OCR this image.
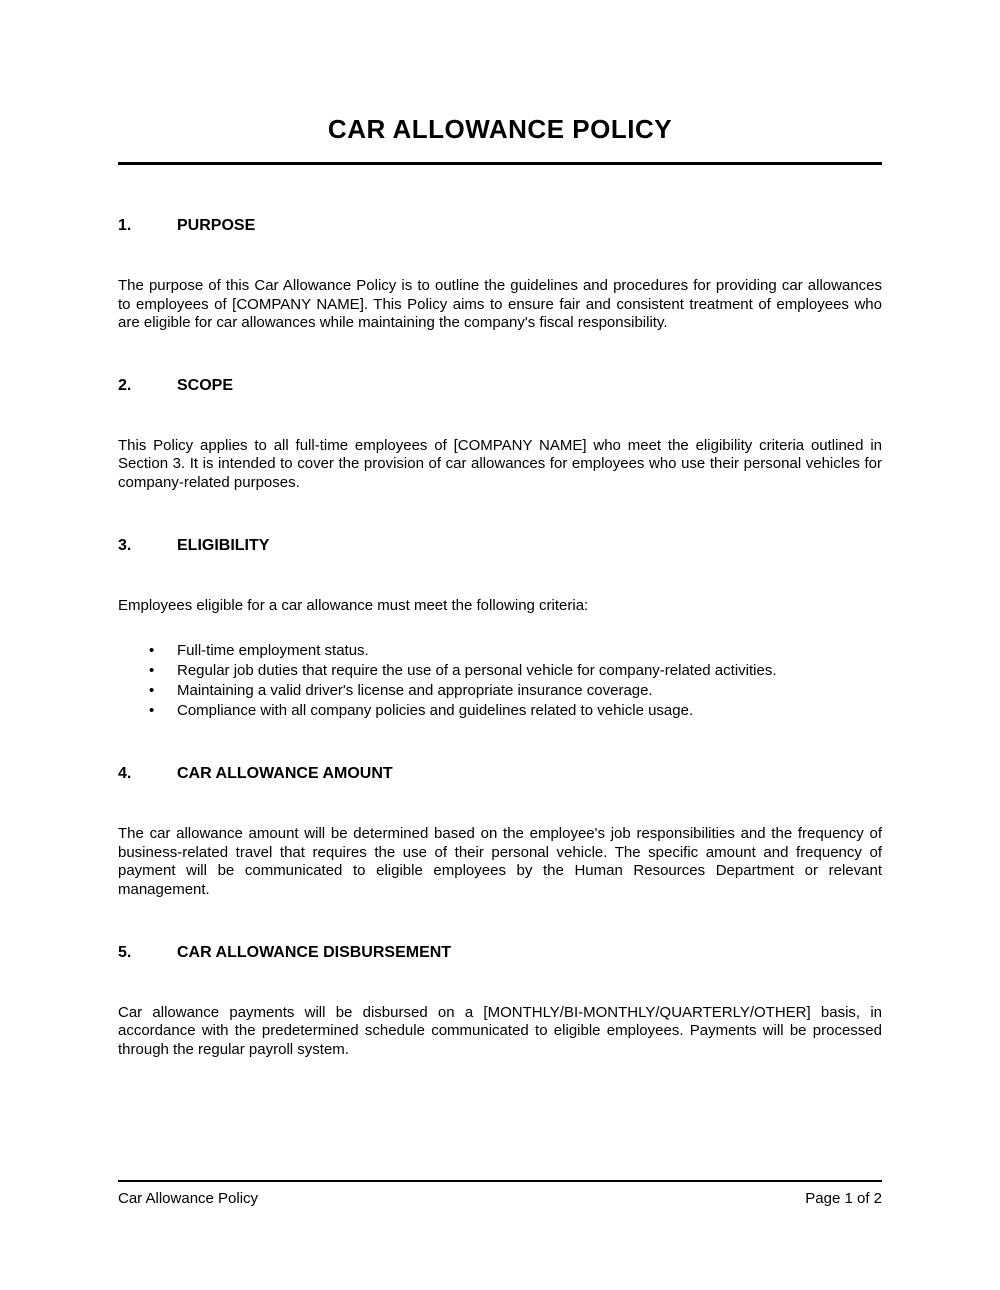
CAR ALLOWANCE POLICY
1.	PURPOSE

The purpose of this Car Allowance Policy is to outline the guidelines and procedures for providing car allowances to employees of [COMPANY NAME]. This Policy aims to ensure fair and consistent treatment of employees who are eligible for car allowances while maintaining the company's fiscal responsibility.

2.	SCOPE

This Policy applies to all full-time employees of [COMPANY NAME] who meet the eligibility criteria outlined in Section 3. It is intended to cover the provision of car allowances for employees who use their personal vehicles for company-related purposes.

3.	ELIGIBILITY

Employees eligible for a car allowance must meet the following criteria:

• Full-time employment status.
• Regular job duties that require the use of a personal vehicle for company-related activities.
• Maintaining a valid driver's license and appropriate insurance coverage.
• Compliance with all company policies and guidelines related to vehicle usage.
4.	CAR ALLOWANCE AMOUNT

The car allowance amount will be determined based on the employee's job responsibilities and the frequency of business-related travel that requires the use of their personal vehicle. The specific amount and frequency of payment will be communicated to eligible employees by the Human Resources Department or relevant management.

5.	CAR ALLOWANCE DISBURSEMENT

Car allowance payments will be disbursed on a [MONTHLY/BI-MONTHLY/QUARTERLY/OTHER] basis, in accordance with the predetermined schedule communicated to eligible employees. Payments will be processed through the regular payroll system.

Car Allowance Policy	Page 1 of 2
